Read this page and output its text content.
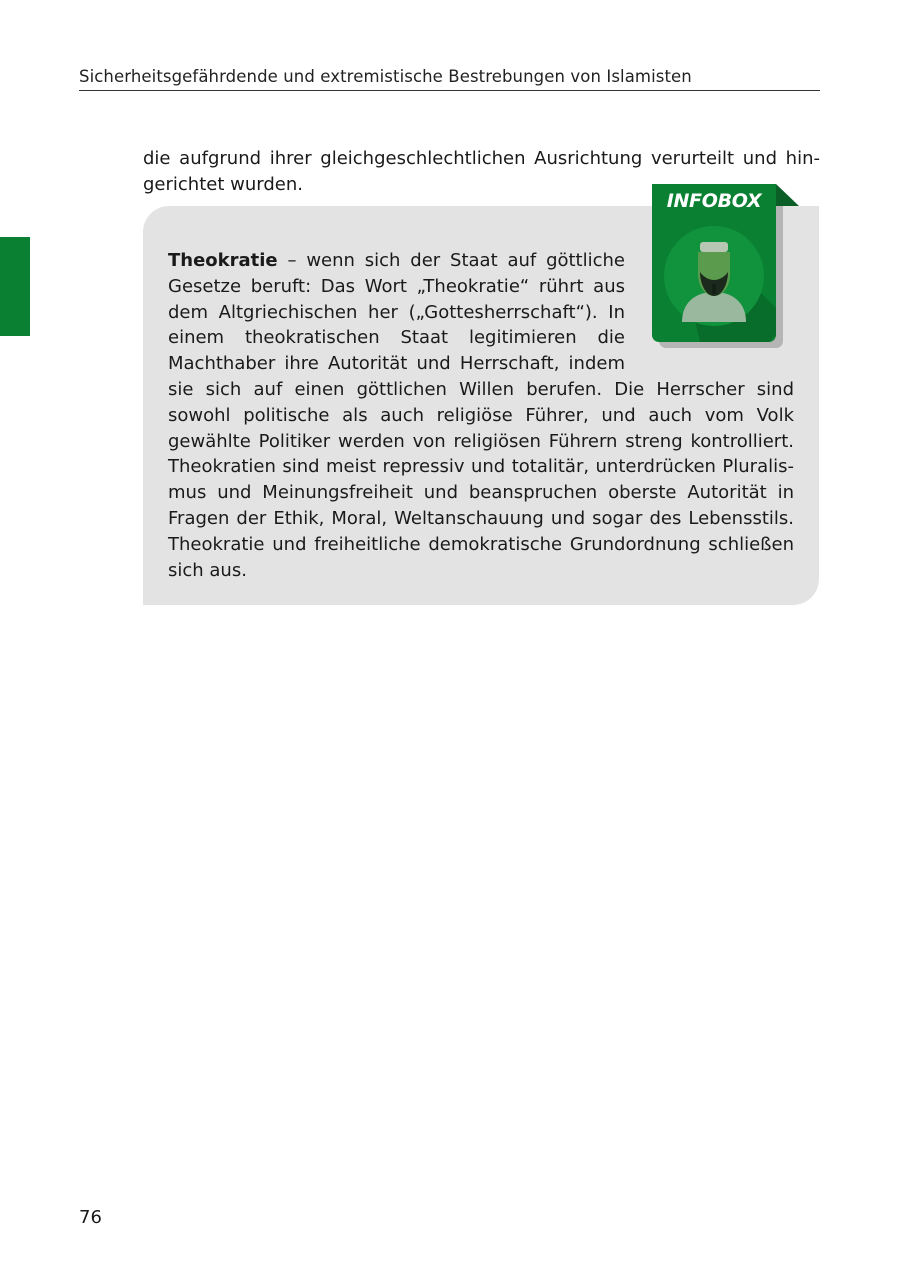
Sicherheitsgefährdende und extremistische Bestrebungen von Islamisten

die aufgrund ihrer gleichgeschlechtlichen Ausrichtung verurteilt und hin-
gerichtet wurden.

INFOBOX
Theokratie – wenn sich der Staat auf göttliche
Gesetze beruft: Das Wort „Theokratie“ rührt aus
dem Altgriechischen her („Gottesherrschaft“). In
einem theokratischen Staat legitimieren die
Machthaber ihre Autorität und Herrschaft, indem
sie sich auf einen göttlichen Willen berufen. Die Herrscher sind
sowohl politische als auch religiöse Führer, und auch vom Volk
gewählte Politiker werden von religiösen Führern streng kontrolliert.
Theokratien sind meist repressiv und totalitär, unterdrücken Pluralis-
mus und Meinungsfreiheit und beanspruchen oberste Autorität in
Fragen der Ethik, Moral, Weltanschauung und sogar des Lebensstils.
Theokratie und freiheitliche demokratische Grundordnung schließen
sich aus.
76
